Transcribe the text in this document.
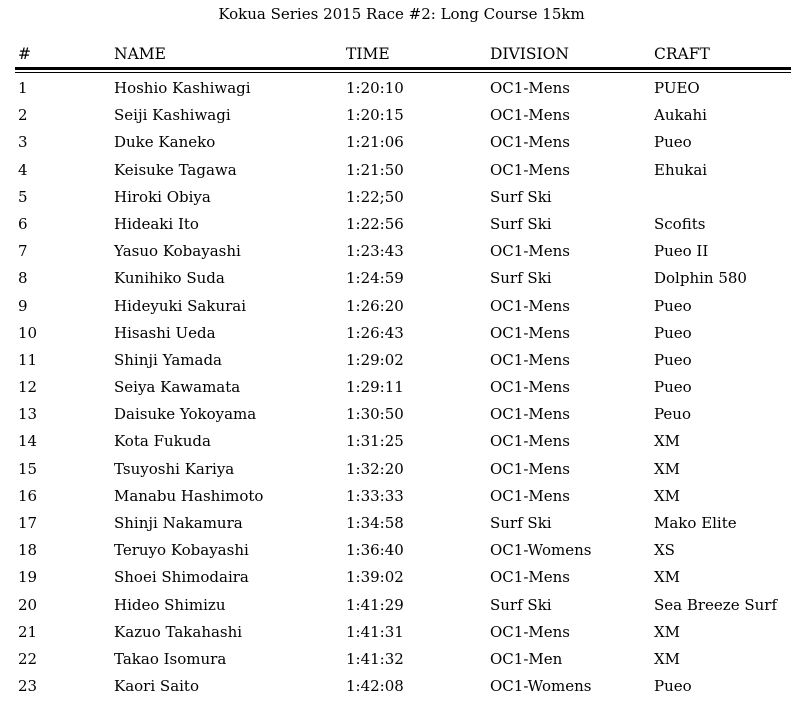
Kokua Series 2015 Race #2: Long Course 15km
#	NAME	TIME	DIVISION	CRAFT
1	Hoshio Kashiwagi	1:20:10	OC1-Mens	PUEO
2	Seiji Kashiwagi	1:20:15	OC1-Mens	Aukahi
3	Duke Kaneko	1:21:06	OC1-Mens	Pueo
4	Keisuke Tagawa	1:21:50	OC1-Mens	Ehukai
5	Hiroki Obiya	1:22;50	Surf Ski
6	Hideaki Ito	1:22:56	Surf Ski	Scofits
7	Yasuo Kobayashi	1:23:43	OC1-Mens	Pueo II
8	Kunihiko Suda	1:24:59	Surf Ski	Dolphin 580
9	Hideyuki Sakurai	1:26:20	OC1-Mens	Pueo
10	Hisashi Ueda	1:26:43	OC1-Mens	Pueo
11	Shinji Yamada	1:29:02	OC1-Mens	Pueo
12	Seiya Kawamata	1:29:11	OC1-Mens	Pueo
13	Daisuke Yokoyama	1:30:50	OC1-Mens	Peuo
14	Kota Fukuda	1:31:25	OC1-Mens	XM
15	Tsuyoshi Kariya	1:32:20	OC1-Mens	XM
16	Manabu Hashimoto	1:33:33	OC1-Mens	XM
17	Shinji Nakamura	1:34:58	Surf Ski	Mako Elite
18	Teruyo Kobayashi	1:36:40	OC1-Womens	XS
19	Shoei Shimodaira	1:39:02	OC1-Mens	XM
20	Hideo Shimizu	1:41:29	Surf Ski	Sea Breeze Surf
21	Kazuo Takahashi	1:41:31	OC1-Mens	XM
22	Takao Isomura	1:41:32	OC1-Men	XM
23	Kaori Saito	1:42:08	OC1-Womens	Pueo
